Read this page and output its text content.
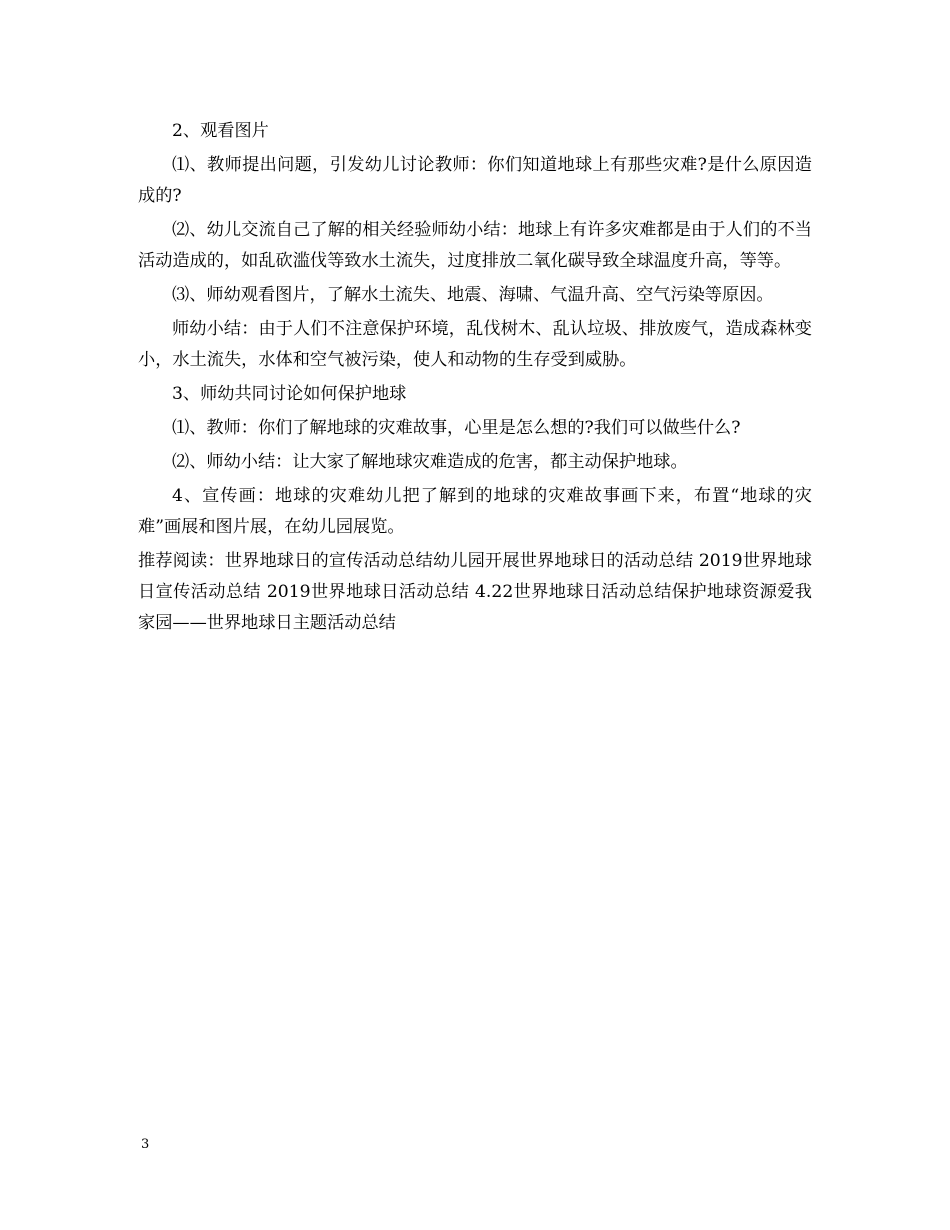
2、观看图片

⑴、教师提出问题，引发幼儿讨论教师：你们知道地球上有那些灾难?是什么原因造成的?

⑵、幼儿交流自己了解的相关经验师幼小结：地球上有许多灾难都是由于人们的不当活动造成的，如乱砍滥伐等致水土流失，过度排放二氧化碳导致全球温度升高，等等。

⑶、师幼观看图片，了解水土流失、地震、海啸、气温升高、空气污染等原因。

师幼小结：由于人们不注意保护环境，乱伐树木、乱认垃圾、排放废气，造成森林变小，水土流失，水体和空气被污染，使人和动物的生存受到威胁。

3、师幼共同讨论如何保护地球

⑴、教师：你们了解地球的灾难故事，心里是怎么想的?我们可以做些什么?

⑵、师幼小结：让大家了解地球灾难造成的危害，都主动保护地球。

4、宣传画：地球的灾难幼儿把了解到的地球的灾难故事画下来，布置“地球的灾难”画展和图片展，在幼儿园展览。

推荐阅读：世界地球日的宣传活动总结幼儿园开展世界地球日的活动总结 2019世界地球日宣传活动总结 2019世界地球日活动总结 4.22世界地球日活动总结保护地球资源爱我家园——世界地球日主题活动总结

3
